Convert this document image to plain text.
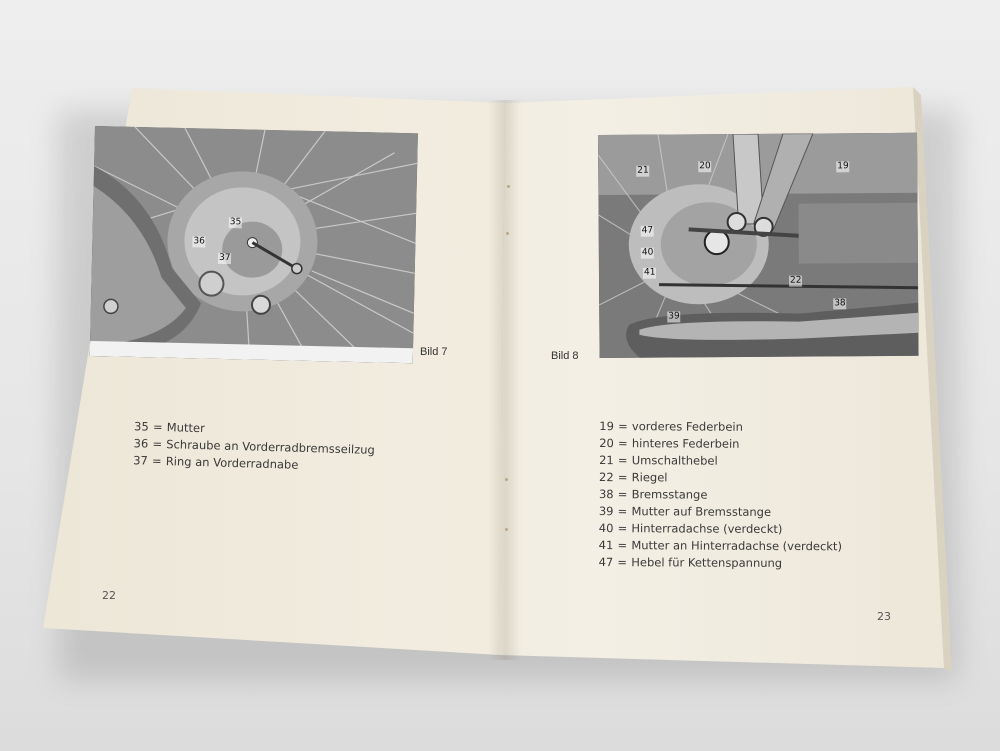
35
36
37
Bild 7
20	19
21
47
40
41
22
38
39
Bild 8
35 = Mutter
36 = Schraube an Vorderradbremsseilzug
37 = Ring an Vorderradnabe
19 = vorderes Federbein
20 = hinteres Federbein
21 = Umschalthebel
22 = Riegel
38 = Bremsstange
39 = Mutter auf Bremsstange
40 = Hinterradachse (verdeckt)
41 = Mutter an Hinterradachse (verdeckt)
47 = Hebel für Kettenspannung
22
23
